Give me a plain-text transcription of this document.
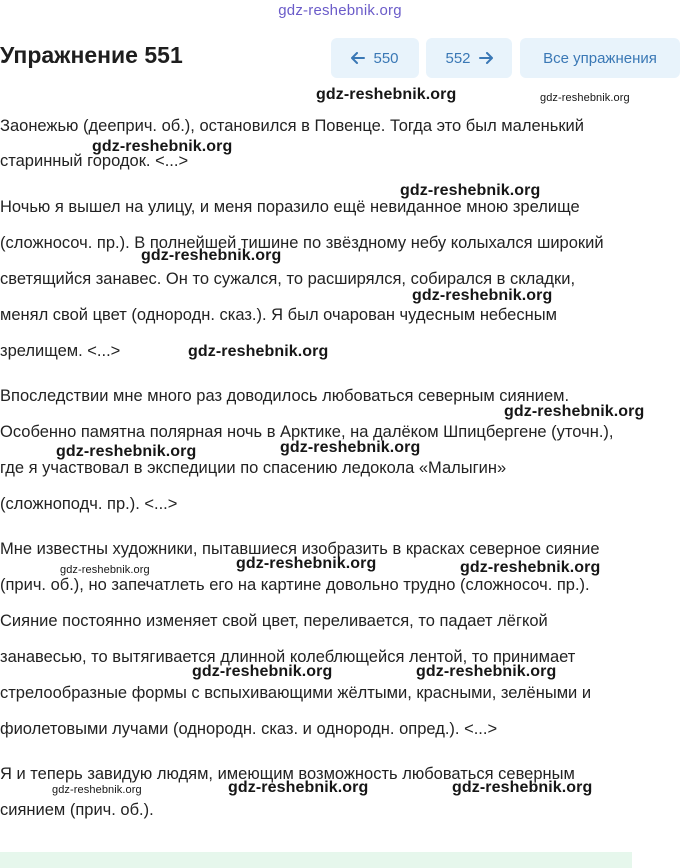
gdz-reshebnik.org
Упражнение 551	550	552	Все упражнения
Заонежью (дееприч. об.), остановился в Повенце. Тогда это был маленький
старинный городок. <...>
Ночью я вышел на улицу, и меня поразило ещё невиданное мною зрелище
(сложносоч. пр.). В полнейшей тишине по звёздному небу колыхался широкий
светящийся занавес. Он то сужался, то расширялся, собирался в складки,
менял свой цвет (однородн. сказ.). Я был очарован чудесным небесным
зрелищем. <...>
Впоследствии мне много раз доводилось любоваться северным сиянием.
Особенно памятна полярная ночь в Арктике, на далёком Шпицбергене (уточн.),
где я участвовал в экспедиции по спасению ледокола «Малыгин»
(сложноподч. пр.). <...>
Мне известны художники, пытавшиеся изобразить в красках северное сияние
(прич. об.), но запечатлеть его на картине довольно трудно (сложносоч. пр.).
Сияние постоянно изменяет свой цвет, переливается, то падает лёгкой
занавесью, то вытягивается длинной колеблющейся лентой, то принимает
стрелообразные формы с вспыхивающими жёлтыми, красными, зелёными и
фиолетовыми лучами (однородн. сказ. и однородн. опред.). <...>
Я и теперь завидую людям, имеющим возможность любоваться северным
сиянием (прич. об.).
gdz-reshebnik.org	gdz-reshebnik.org
gdz-reshebnik.org
gdz-reshebnik.org
gdz-reshebnik.org
gdz-reshebnik.org
gdz-reshebnik.org
gdz-reshebnik.org
gdz-reshebnik.org
gdz-reshebnik.org
gdz-reshebnik.org	gdz-reshebnik.org	gdz-reshebnik.org
gdz-reshebnik.org	gdz-reshebnik.org
gdz-reshebnik.org	gdz-reshebnik.org	gdz-reshebnik.org
